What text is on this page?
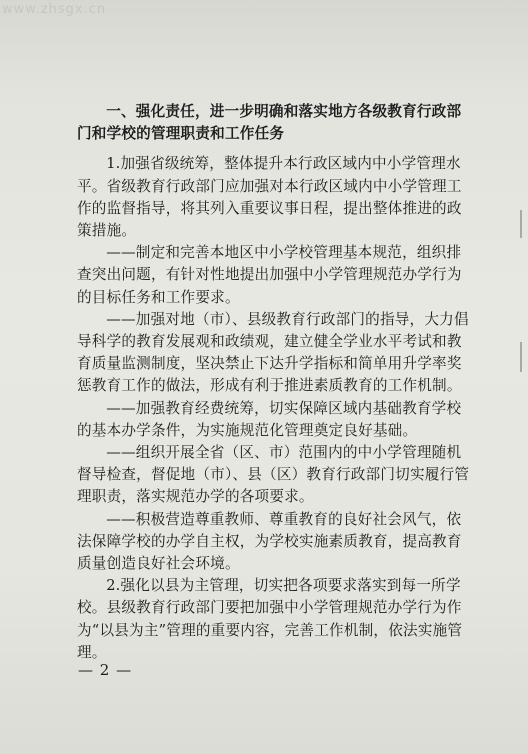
www.zhsgx.cn

一、强化责任，进一步明确和落实地方各级教育行政部门和学校的管理职责和工作任务

1.加强省级统筹，整体提升本行政区域内中小学管理水平。省级教育行政部门应加强对本行政区域内中小学管理工作的监督指导，将其列入重要议事日程，提出整体推进的政策措施。

——制定和完善本地区中小学校管理基本规范，组织排查突出问题，有针对性地提出加强中小学管理规范办学行为的目标任务和工作要求。

——加强对地（市）、县级教育行政部门的指导，大力倡导科学的教育发展观和政绩观，建立健全学业水平考试和教育质量监测制度，坚决禁止下达升学指标和简单用升学率奖惩教育工作的做法，形成有利于推进素质教育的工作机制。

——加强教育经费统筹，切实保障区域内基础教育学校的基本办学条件，为实施规范化管理奠定良好基础。

——组织开展全省（区、市）范围内的中小学管理随机督导检查，督促地（市）、县（区）教育行政部门切实履行管理职责，落实规范办学的各项要求。

——积极营造尊重教师、尊重教育的良好社会风气，依法保障学校的办学自主权，为学校实施素质教育，提高教育质量创造良好社会环境。

2.强化以县为主管理，切实把各项要求落实到每一所学校。县级教育行政部门要把加强中小学管理规范办学行为作为“以县为主”管理的重要内容，完善工作机制，依法实施管理。

— 2 —
